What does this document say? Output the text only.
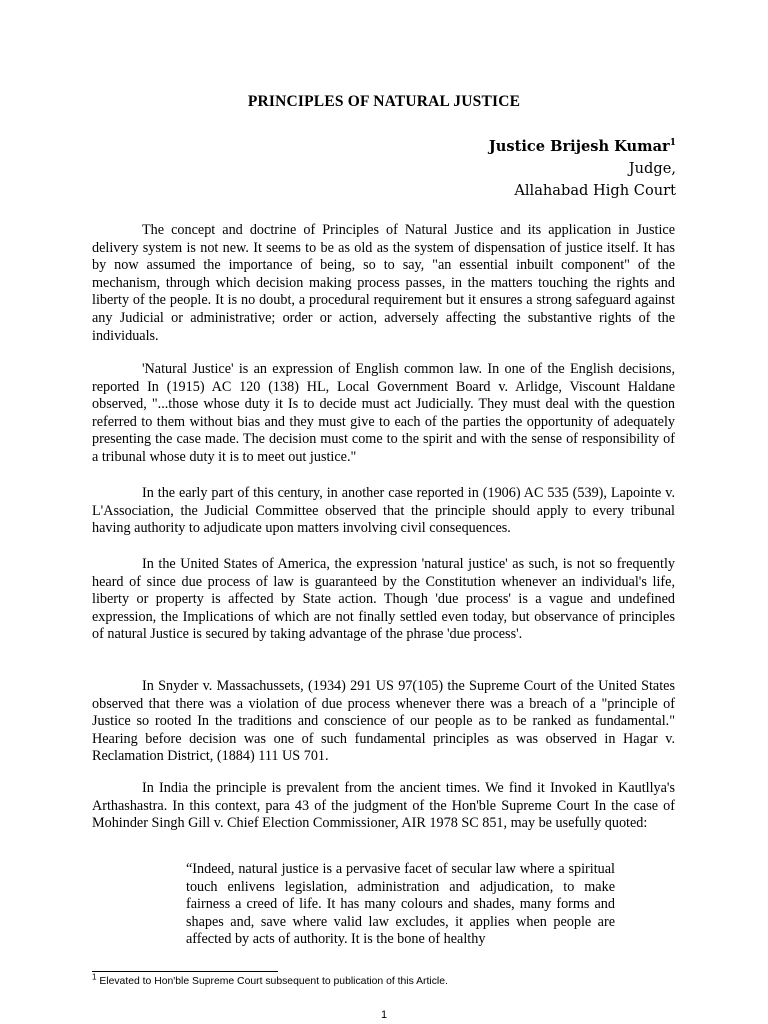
PRINCIPLES OF NATURAL JUSTICE
Justice Brijesh Kumar$^1$
Judge,
Allahabad High Court

The concept and doctrine of Principles of Natural Justice and its application in Justice delivery system is not new. It seems to be as old as the system of dispensation of justice itself. It has by now assumed the importance of being, so to say, "an essential inbuilt component" of the mechanism, through which decision making process passes, in the matters touching the rights and liberty of the people. It is no doubt, a procedural requirement but it ensures a strong safeguard against any Judicial or administrative; order or action, adversely affecting the substantive rights of the individuals.

'Natural Justice' is an expression of English common law. In one of the English decisions, reported In (1915) AC 120 (138) HL, Local Government Board v. Arlidge, Viscount Haldane observed, "...those whose duty it Is to decide must act Judicially. They must deal with the question referred to them without bias and they must give to each of the parties the opportunity of adequately presenting the case made. The decision must come to the spirit and with the sense of responsibility of a tribunal whose duty it is to meet out justice."

In the early part of this century, in another case reported in (1906) AC 535 (539), Lapointe v. L'Association, the Judicial Committee observed that the principle should apply to every tribunal having authority to adjudicate upon matters involving civil consequences.

In the United States of America, the expression 'natural justice' as such, is not so frequently heard of since due process of law is guaranteed by the Constitution whenever an individual's life, liberty or property is affected by State action. Though 'due process' is a vague and undefined expression, the Implications of which are not finally settled even today, but observance of principles of natural Justice is secured by taking advantage of the phrase 'due process'.

In Snyder v. Massachussets, (1934) 291 US 97(105) the Supreme Court of the United States observed that there was a violation of due process whenever there was a breach of a "principle of Justice so rooted In the traditions and conscience of our people as to be ranked as fundamental." Hearing before decision was one of such fundamental principles as was observed in Hagar v. Reclamation District, (1884) 111 US 701.

In India the principle is prevalent from the ancient times. We find it Invoked in Kautllya's Arthashastra. In this context, para 43 of the judgment of the Hon'ble Supreme Court In the case of Mohinder Singh Gill v. Chief Election Commissioner, AIR 1978 SC 851, may be usefully quoted:

“Indeed, natural justice is a pervasive facet of secular law where a spiritual touch enlivens legislation, administration and adjudication, to make fairness a creed of life. It has many colours and shades, many forms and shapes and, save where valid law excludes, it applies when people are affected by acts of authority. It is the bone of healthy

$^1$ Elevated to Hon'ble Supreme Court subsequent to publication of this Article.
1
